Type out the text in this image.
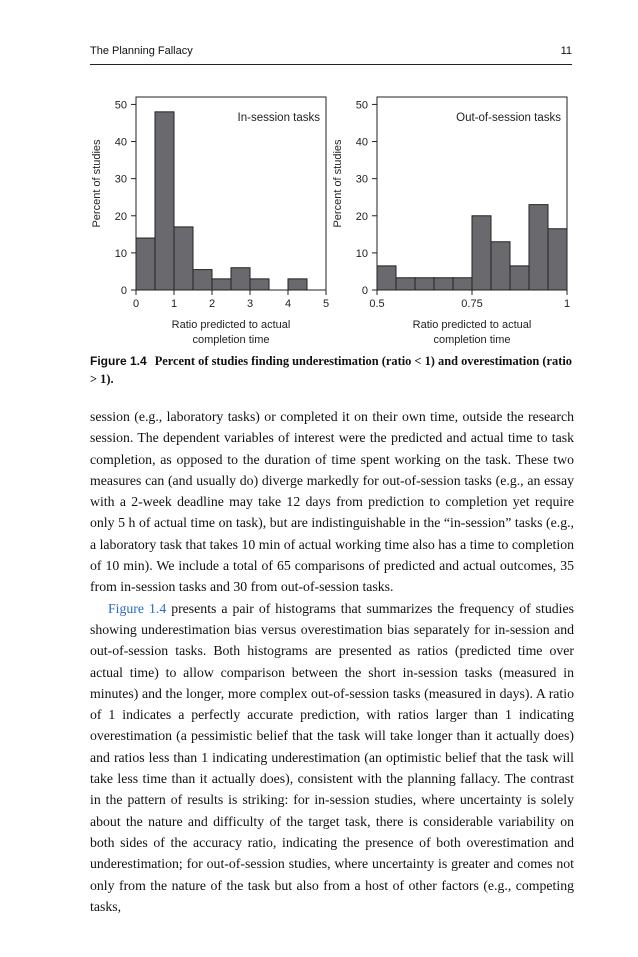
The Planning Fallacy	11
0
10
20
30
40
50
0	1	2	3	4	5
In-session tasks
Ratio predicted to actual
completion time
Percent of studies
0
10
20
30
40
50
0.5	0.75	1
Out-of-session tasks
Ratio predicted to actual
completion time
Percent of studies
Figure 1.4 Percent of studies finding underestimation (ratio < 1) and overestimation (ratio > 1).

session (e.g., laboratory tasks) or completed it on their own time, outside the research session. The dependent variables of interest were the predicted and actual time to task completion, as opposed to the duration of time spent working on the task. These two measures can (and usually do) diverge markedly for out-of-session tasks (e.g., an essay with a 2-week deadline may take 12 days from prediction to completion yet require only 5 h of actual time on task), but are indistinguishable in the “in-session” tasks (e.g., a laboratory task that takes 10 min of actual working time also has a time to completion of 10 min). We include a total of 65 comparisons of predicted and actual outcomes, 35 from in-session tasks and 30 from out-of-session tasks.

Figure 1.4 presents a pair of histograms that summarizes the frequency of studies showing underestimation bias versus overestimation bias separately for in-session and out-of-session tasks. Both histograms are presented as ratios (predicted time over actual time) to allow comparison between the short in-session tasks (measured in minutes) and the longer, more complex out-of-session tasks (measured in days). A ratio of 1 indicates a perfectly accurate prediction, with ratios larger than 1 indicating overestimation (a pessimistic belief that the task will take longer than it actually does) and ratios less than 1 indicating underestimation (an optimistic belief that the task will take less time than it actually does), consistent with the planning fallacy. The contrast in the pattern of results is striking: for in-session studies, where uncertainty is solely about the nature and difficulty of the target task, there is considerable variability on both sides of the accuracy ratio, indicating the presence of both overestimation and underestimation; for out-of-session studies, where uncertainty is greater and comes not only from the nature of the task but also from a host of other factors (e.g., competing tasks,
